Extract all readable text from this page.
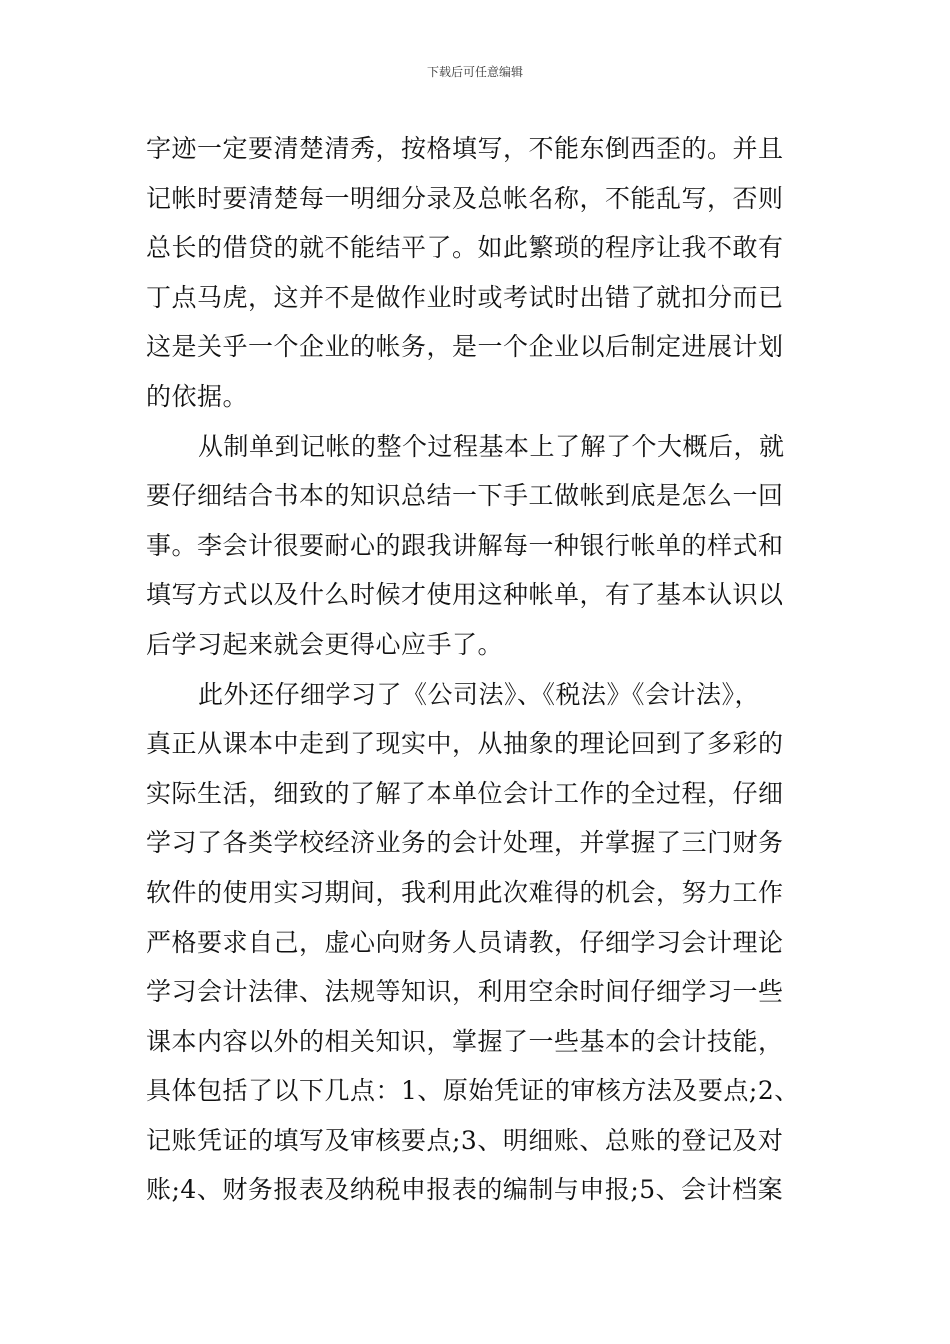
下载后可任意编辑
字迹一定要清楚清秀，按格填写，不能东倒西歪的。并且
记帐时要清楚每一明细分录及总帐名称，不能乱写，否则
总长的借贷的就不能结平了。如此繁琐的程序让我不敢有
丁点马虎，这并不是做作业时或考试时出错了就扣分而已
这是关乎一个企业的帐务，是一个企业以后制定进展计划
的依据。
从制单到记帐的整个过程基本上了解了个大概后，就
要仔细结合书本的知识总结一下手工做帐到底是怎么一回
事。李会计很要耐心的跟我讲解每一种银行帐单的样式和
填写方式以及什么时候才使用这种帐单，有了基本认识以
后学习起来就会更得心应手了。
此外还仔细学习了《公司法》、《税法》《会计法》，
真正从课本中走到了现实中，从抽象的理论回到了多彩的
实际生活，细致的了解了本单位会计工作的全过程，仔细
学习了各类学校经济业务的会计处理，并掌握了三门财务
软件的使用实习期间，我利用此次难得的机会，努力工作
严格要求自己，虚心向财务人员请教，仔细学习会计理论
学习会计法律、法规等知识，利用空余时间仔细学习一些
课本内容以外的相关知识，掌握了一些基本的会计技能，
具体包括了以下几点：1、原始凭证的审核方法及要点;2、
记账凭证的填写及审核要点;3、明细账、总账的登记及对
账;4、财务报表及纳税申报表的编制与申报;5、会计档案
